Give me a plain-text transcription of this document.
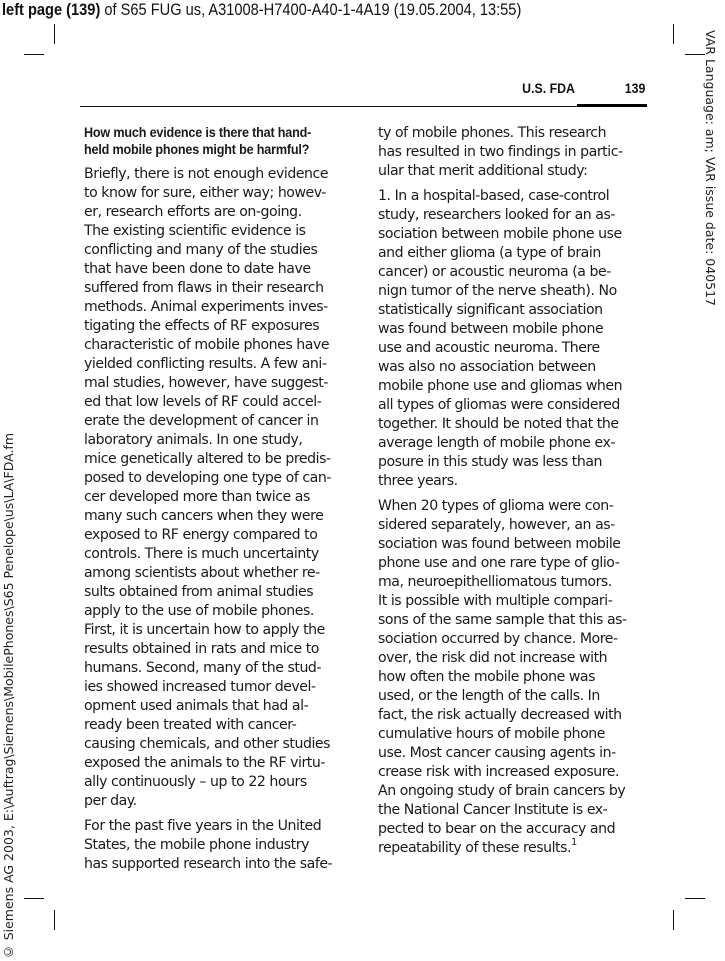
left page (139) of S65 FUG us, A31008-H7400-A40-1-4A19 (19.05.2004, 13:55)
VAR Language: am; VAR issue date: 040517
© Siemens AG 2003, E:\Auftrag\Siemens\MobilePhones\S65 Penelope\us\LA\FDA.fm
U.S. FDA	139
How much evidence is there that hand-
held mobile phones might be harmful?

Briefly, there is not enough evidence
to know for sure, either way; howev-
er, research efforts are on-going.
The existing scientific evidence is
conflicting and many of the studies
that have been done to date have
suffered from flaws in their research
methods. Animal experiments inves-
tigating the effects of RF exposures
characteristic of mobile phones have
yielded conflicting results. A few ani-
mal studies, however, have suggest-
ed that low levels of RF could accel-
erate the development of cancer in
laboratory animals. In one study,
mice genetically altered to be predis-
posed to developing one type of can-
cer developed more than twice as
many such cancers when they were
exposed to RF energy compared to
controls. There is much uncertainty
among scientists about whether re-
sults obtained from animal studies
apply to the use of mobile phones.
First, it is uncertain how to apply the
results obtained in rats and mice to
humans. Second, many of the stud-
ies showed increased tumor devel-
opment used animals that had al-
ready been treated with cancer-
causing chemicals, and other studies
exposed the animals to the RF virtu-
ally continuously – up to 22 hours
per day.

For the past five years in the United
States, the mobile phone industry
has supported research into the safe-

ty of mobile phones. This research
has resulted in two findings in partic-
ular that merit additional study:

1. In a hospital-based, case-control
study, researchers looked for an as-
sociation between mobile phone use
and either glioma (a type of brain
cancer) or acoustic neuroma (a be-
nign tumor of the nerve sheath). No
statistically significant association
was found between mobile phone
use and acoustic neuroma. There
was also no association between
mobile phone use and gliomas when
all types of gliomas were considered
together. It should be noted that the
average length of mobile phone ex-
posure in this study was less than
three years.

When 20 types of glioma were con-
sidered separately, however, an as-
sociation was found between mobile
phone use and one rare type of glio-
ma, neuroepithelliomatous tumors.
It is possible with multiple compari-
sons of the same sample that this as-
sociation occurred by chance. More-
over, the risk did not increase with
how often the mobile phone was
used, or the length of the calls. In
fact, the risk actually decreased with
cumulative hours of mobile phone
use. Most cancer causing agents in-
crease risk with increased exposure.
An ongoing study of brain cancers by
the National Cancer Institute is ex-
pected to bear on the accuracy and
repeatability of these results.$^1$
